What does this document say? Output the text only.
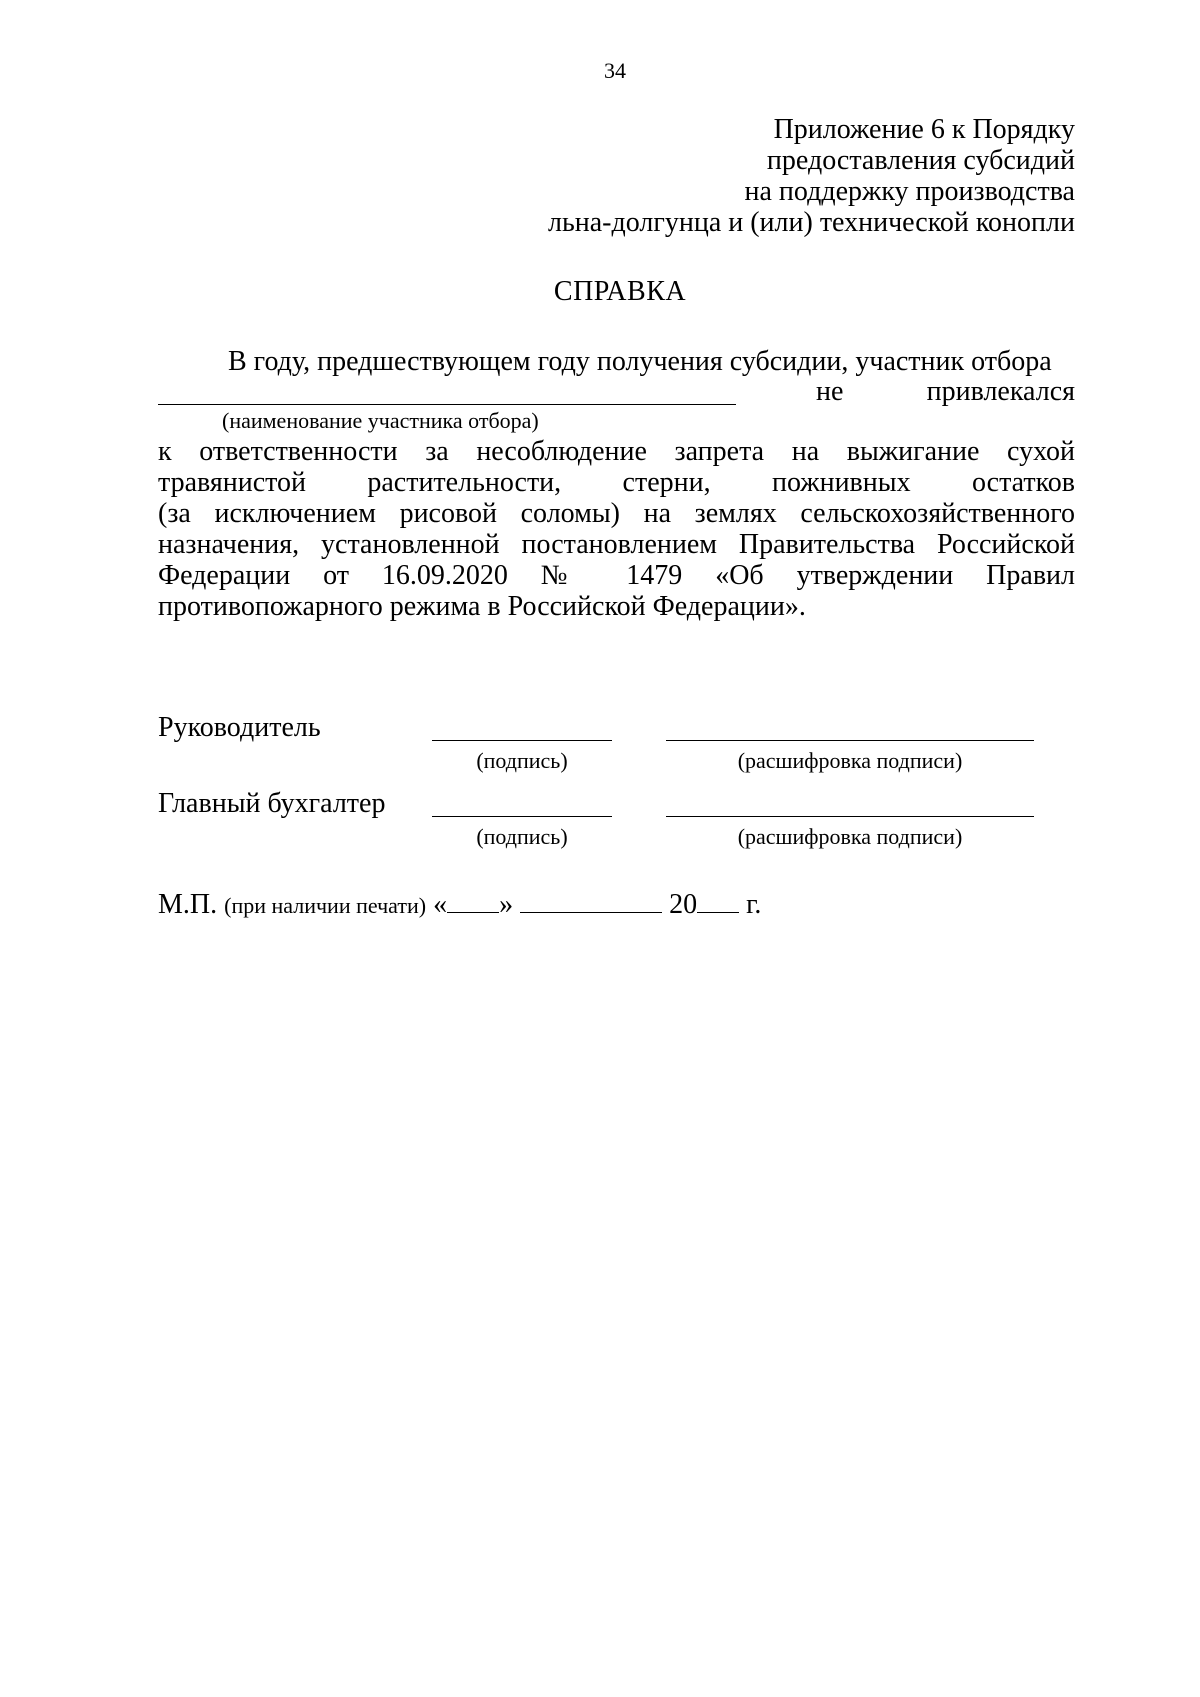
34
Приложение 6 к Порядку
предоставления субсидий
на поддержку производства
льна-долгунца и (или) технической конопли
СПРАВКА
В году, предшествующем году получения субсидии, участник отбора
не	привлекался
(наименование участника отбора)
к ответственности за несоблюдение запрета на выжигание сухой
травянистой растительности, стерни, пожнивных остатков
(за исключением рисовой соломы) на землях сельскохозяйственного
назначения, установленной постановлением Правительства Российской
Федерации от 16.09.2020 № 1479 «Об утверждении Правил
противопожарного режима в Российской Федерации».
Руководитель
(подпись)	(расшифровка подписи)
Главный бухгалтер
(подпись)	(расшифровка подписи)
М.П. (при наличии печати) « »	20 г.
